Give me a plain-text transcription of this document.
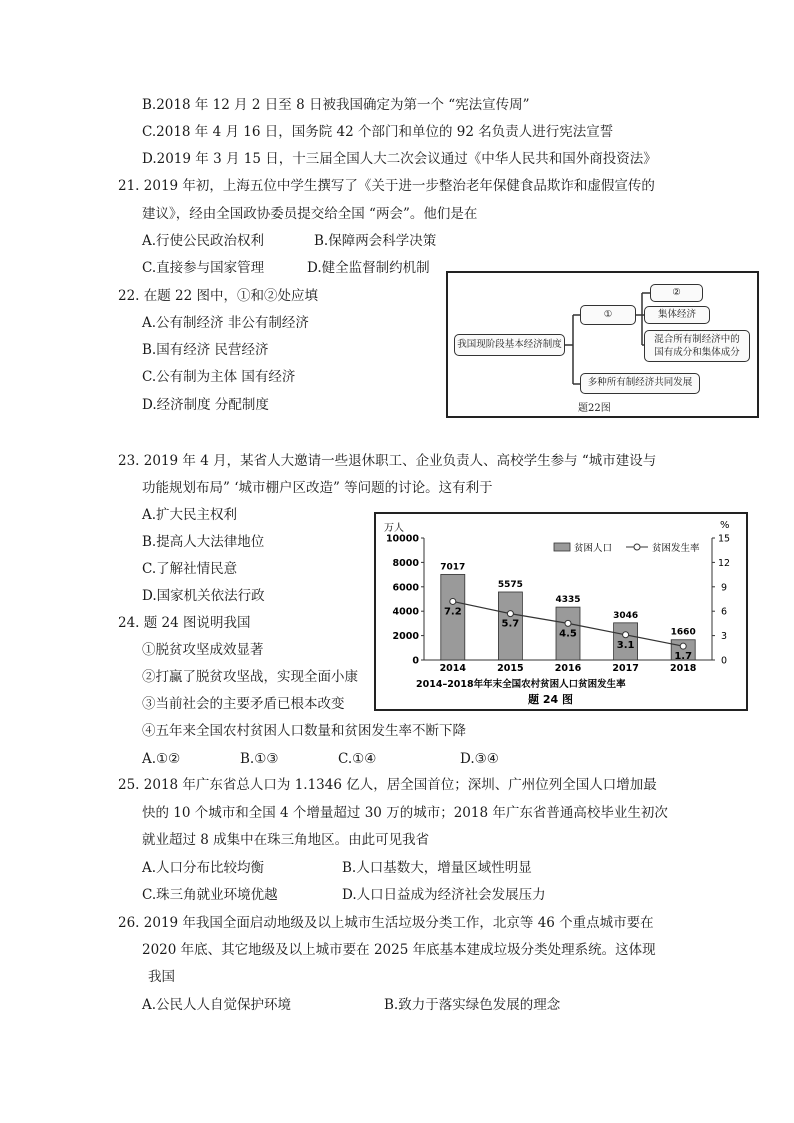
B.2018 年 12 月 2 日至 8 日被我国确定为第一个 “宪法宣传周”
C.2018 年 4 月 16 日，国务院 42 个部门和单位的 92 名负责人进行宪法宣誓
D.2019 年 3 月 15 日，十三届全国人大二次会议通过《中华人民共和国外商投资法》
21. 2019 年初，上海五位中学生撰写了《关于进一步整治老年保健食品欺诈和虚假宣传的
建议》，经由全国政协委员提交给全国 “两会”。他们是在
A.行使公民政治权利	B.保障两会科学决策
C.直接参与国家管理	D.健全监督制约机制
22. 在题 22 图中，①和②处应填
A.公有制经济 非公有制经济
B.国有经济 民营经济
C.公有制为主体 国有经济
D.经济制度 分配制度
我国现阶段基本经济制度
①
②
集体经济
混合所有制经济中的
国有成分和集体成分
多种所有制经济共同发展
题22图
23. 2019 年 4 月，某省人大邀请一些退休职工、企业负责人、高校学生参与 “城市建设与
功能规划布局” ‘城市棚户区改造” 等问题的讨论。这有利于
A.扩大民主权利
B.提高人大法律地位
C.了解社情民意
D.国家机关依法行政
24. 题 24 图说明我国
①脱贫攻坚成效显著
②打赢了脱贫攻坚战，实现全面小康
③当前社会的主要矛盾已根本改变
④五年来全国农村贫困人口数量和贫困发生率不断下降
A.①②	B.①③	C.①④	D.③④
万人	%
贫困人口	贫困发生率
0
2000
4000
6000
8000
10000
0
3
6
9
12
15
7017
2014
5575
2015
4335
2016
3046
2017
1660
2018
7.2
5.7
4.5
3.1
1.7
2014–2018年年末全国农村贫困人口贫困发生率
题 24 图
25. 2018 年广东省总人口为 1.1346 亿人，居全国首位；深圳、广州位列全国人口增加最
快的 10 个城市和全国 4 个增量超过 30 万的城市；2018 年广东省普通高校毕业生初次
就业超过 8 成集中在珠三角地区。由此可见我省
A.人口分布比较均衡	B.人口基数大，增量区域性明显
C.珠三角就业环境优越	D.人口日益成为经济社会发展压力
26. 2019 年我国全面启动地级及以上城市生活垃圾分类工作，北京等 46 个重点城市要在
2020 年底、其它地级及以上城市要在 2025 年底基本建成垃圾分类处理系统。这体现
我国
A.公民人人自觉保护环境	B.致力于落实绿色发展的理念
